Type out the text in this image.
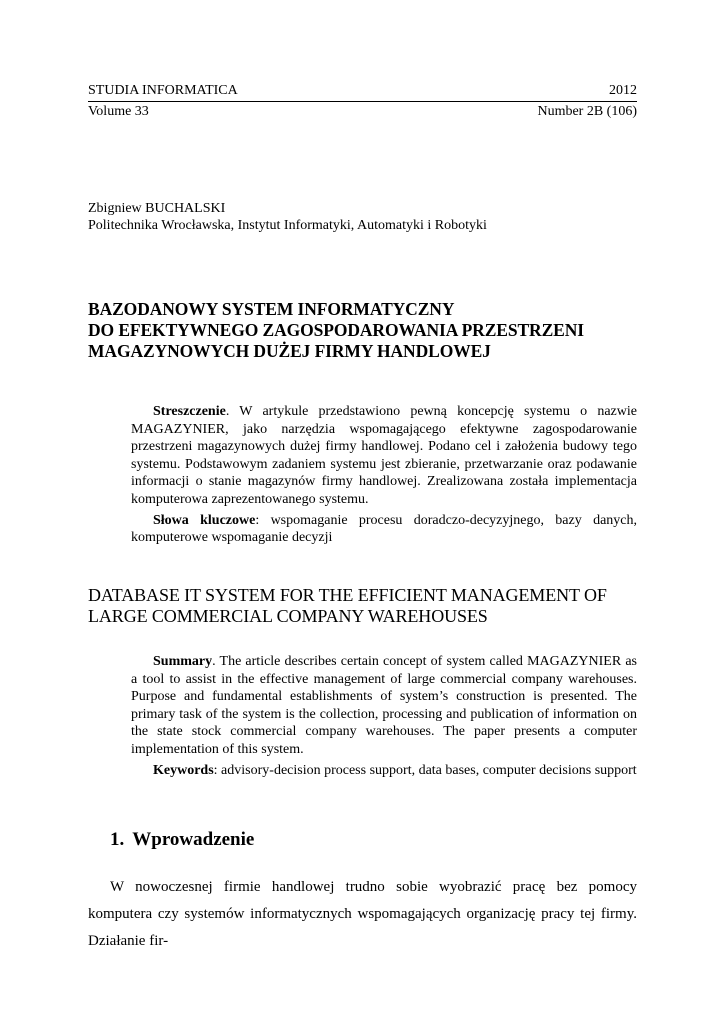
STUDIA INFORMATICA	2012
Volume 33	Number 2B (106)
Zbigniew BUCHALSKI
Politechnika Wrocławska, Instytut Informatyki, Automatyki i Robotyki
BAZODANOWY SYSTEM INFORMATYCZNY
DO EFEKTYWNEGO ZAGOSPODAROWANIA PRZESTRZENI
MAGAZYNOWYCH DUŻEJ FIRMY HANDLOWEJ

Streszczenie. W artykule przedstawiono pewną koncepcję systemu o nazwie MAGAZYNIER, jako narzędzia wspomagającego efektywne zagospodarowanie przestrzeni magazynowych dużej firmy handlowej. Podano cel i założenia budowy tego systemu. Podstawowym zadaniem systemu jest zbieranie, przetwarzanie oraz podawanie informacji o stanie magazynów firmy handlowej. Zrealizowana została implementacja komputerowa zaprezentowanego systemu.

Słowa kluczowe: wspomaganie procesu doradczo-decyzyjnego, bazy danych, komputerowe wspomaganie decyzji

DATABASE IT SYSTEM FOR THE EFFICIENT MANAGEMENT OF
LARGE COMMERCIAL COMPANY WAREHOUSES

Summary. The article describes certain concept of system called MAGAZYNIER as a tool to assist in the effective management of large commercial company warehouses. Purpose and fundamental establishments of system’s construction is presented. The primary task of the system is the collection, processing and publication of information on the state stock commercial company warehouses. The paper presents a computer implementation of this system.

Keywords: advisory-decision process support, data bases, computer decisions support

1. Wprowadzenie

W nowoczesnej firmie handlowej trudno sobie wyobrazić pracę bez pomocy komputera czy systemów informatycznych wspomagających organizację pracy tej firmy. Działanie fir-
